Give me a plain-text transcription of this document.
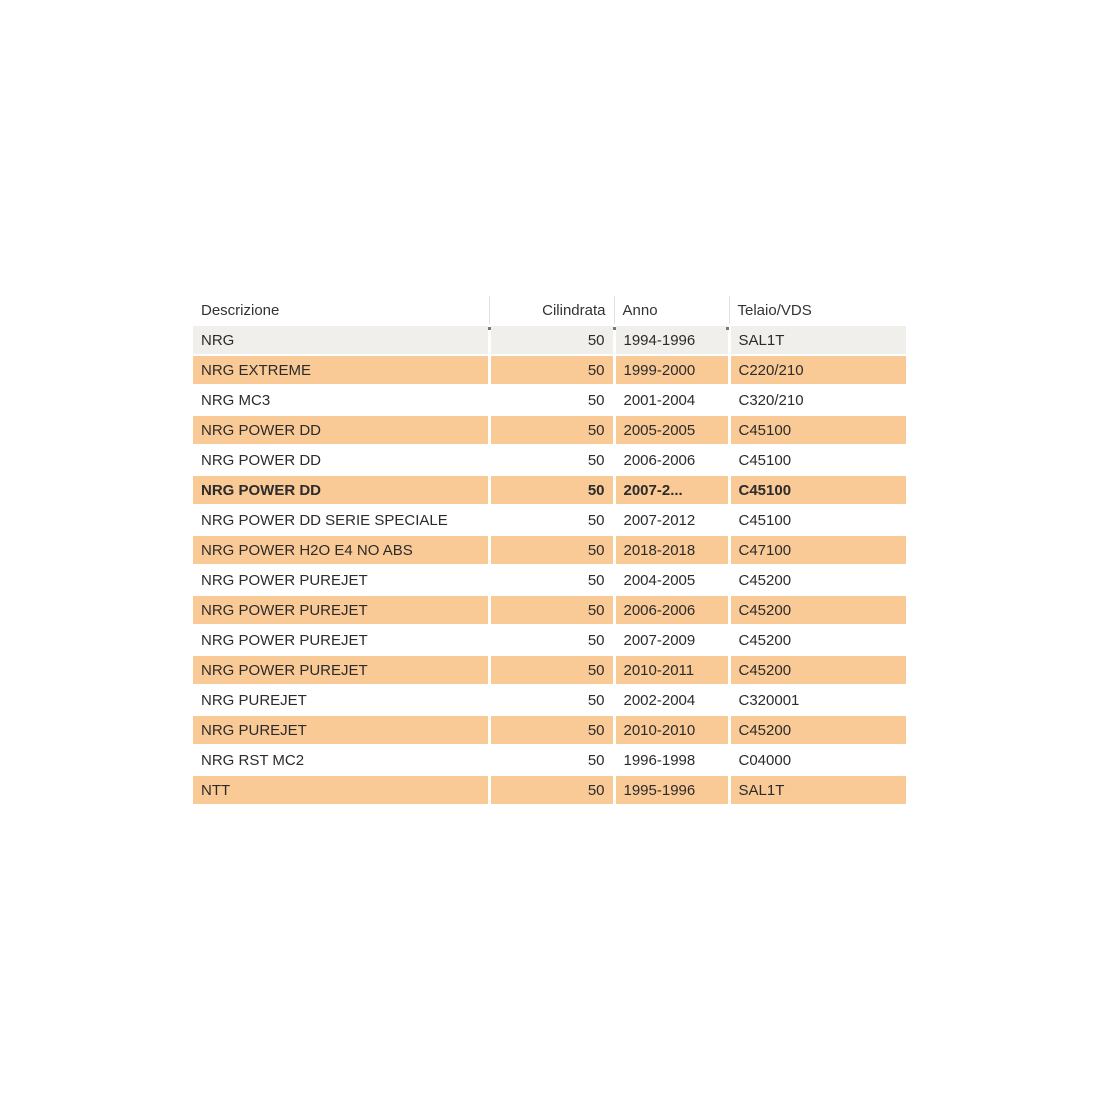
Descrizione	Cilindrata	Anno	Telaio/VDS
NRG	50	1994-1996	SAL1T
NRG EXTREME	50	1999-2000	C220/210
NRG MC3	50	2001-2004	C320/210
NRG POWER DD	50	2005-2005	C45100
NRG POWER DD	50	2006-2006	C45100
NRG POWER DD	50	2007-2...	C45100
NRG POWER DD SERIE SPECIALE	50	2007-2012	C45100
NRG POWER H2O E4 NO ABS	50	2018-2018	C47100
NRG POWER PUREJET	50	2004-2005	C45200
NRG POWER PUREJET	50	2006-2006	C45200
NRG POWER PUREJET	50	2007-2009	C45200
NRG POWER PUREJET	50	2010-2011	C45200
NRG PUREJET	50	2002-2004	C320001
NRG PUREJET	50	2010-2010	C45200
NRG RST MC2	50	1996-1998	C04000
NTT	50	1995-1996	SAL1T
